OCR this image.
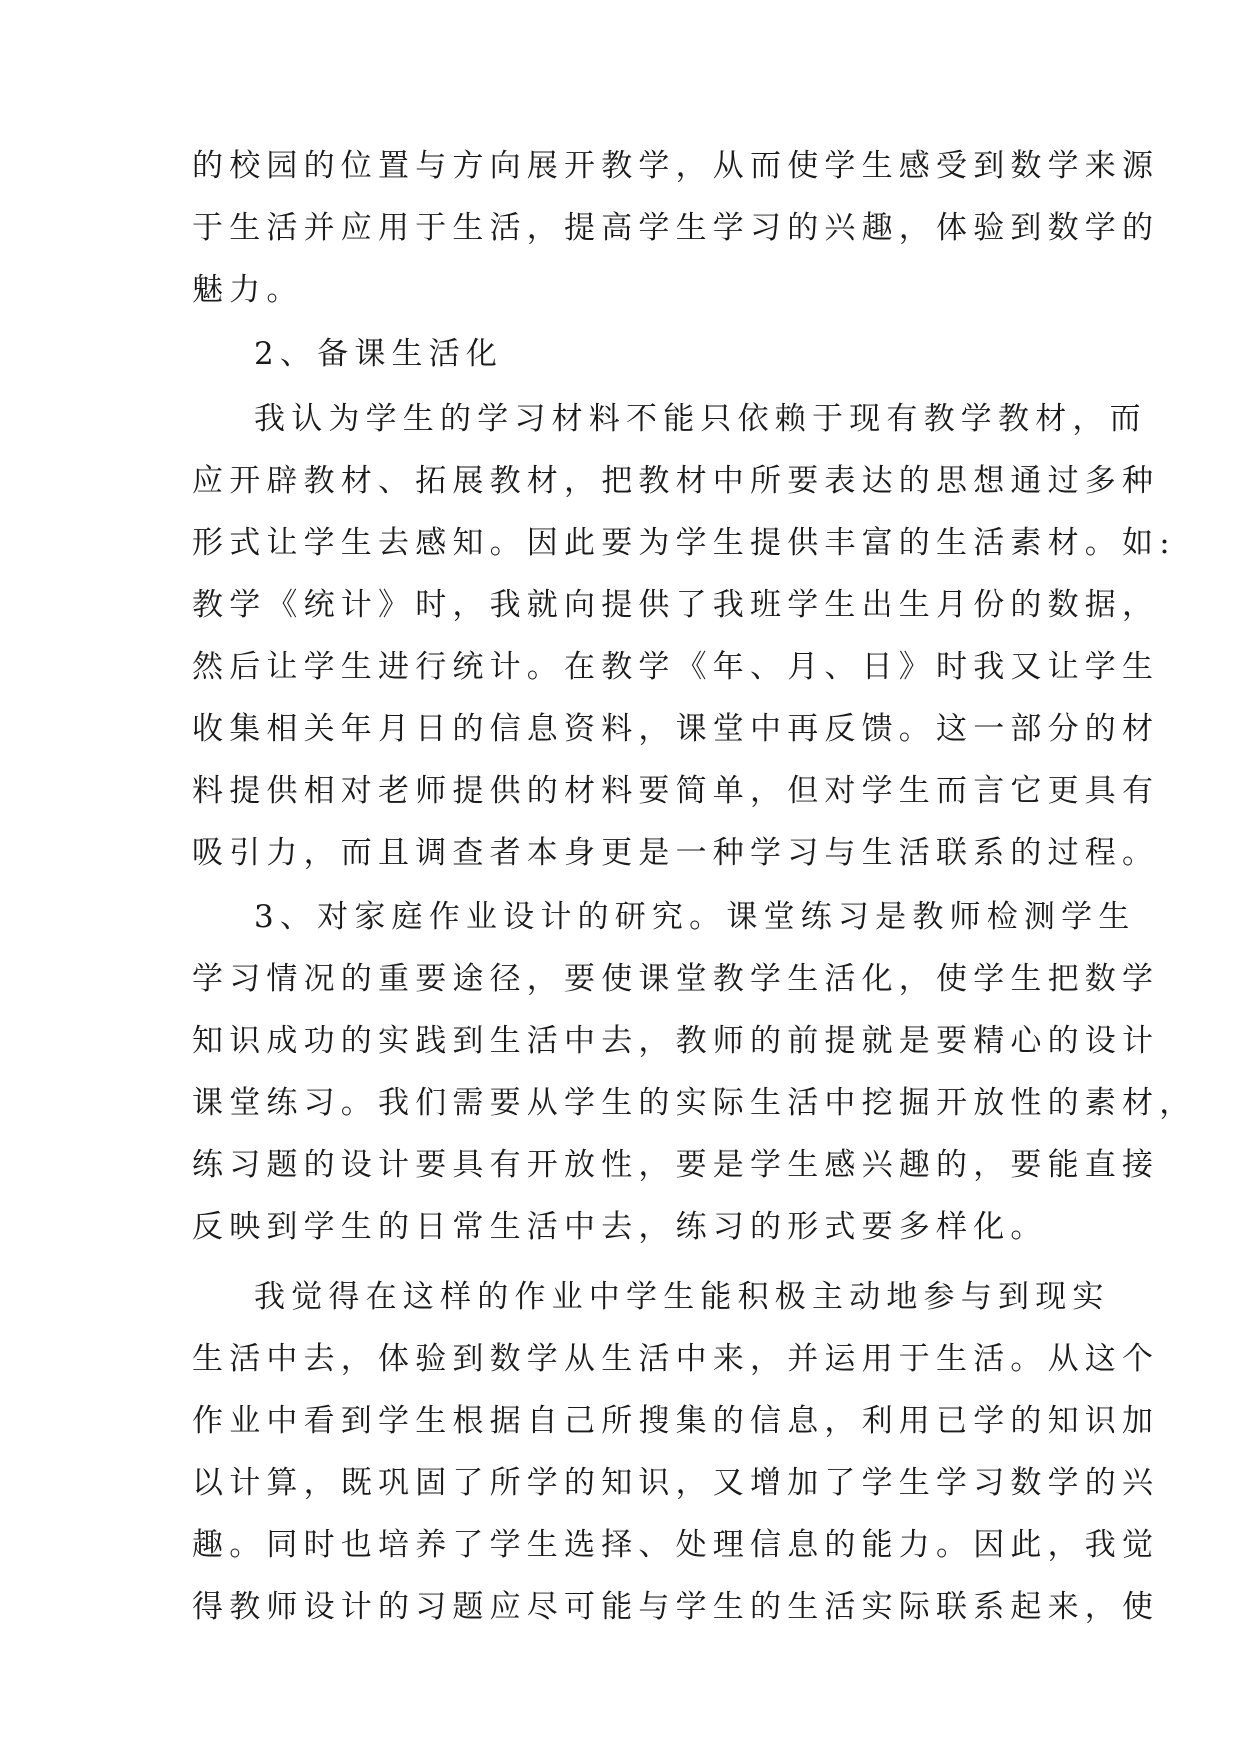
的校园的位置与方向展开教学，从而使学生感受到数学来源
于生活并应用于生活，提高学生学习的兴趣，体验到数学的
魅力。
2、备课生活化
我认为学生的学习材料不能只依赖于现有教学教材，而
应开辟教材、拓展教材，把教材中所要表达的思想通过多种
形式让学生去感知。因此要为学生提供丰富的生活素材。如:
教学《统计》时，我就向提供了我班学生出生月份的数据，
然后让学生进行统计。在教学《年、月、日》时我又让学生
收集相关年月日的信息资料，课堂中再反馈。这一部分的材
料提供相对老师提供的材料要简单，但对学生而言它更具有
吸引力，而且调查者本身更是一种学习与生活联系的过程。
3、对家庭作业设计的研究。课堂练习是教师检测学生
学习情况的重要途径，要使课堂教学生活化，使学生把数学
知识成功的实践到生活中去，教师的前提就是要精心的设计
课堂练习。我们需要从学生的实际生活中挖掘开放性的素材，
练习题的设计要具有开放性，要是学生感兴趣的，要能直接
反映到学生的日常生活中去，练习的形式要多样化。
我觉得在这样的作业中学生能积极主动地参与到现实
生活中去，体验到数学从生活中来，并运用于生活。从这个
作业中看到学生根据自己所搜集的信息，利用已学的知识加
以计算，既巩固了所学的知识，又增加了学生学习数学的兴
趣。同时也培养了学生选择、处理信息的能力。因此，我觉
得教师设计的习题应尽可能与学生的生活实际联系起来，使
